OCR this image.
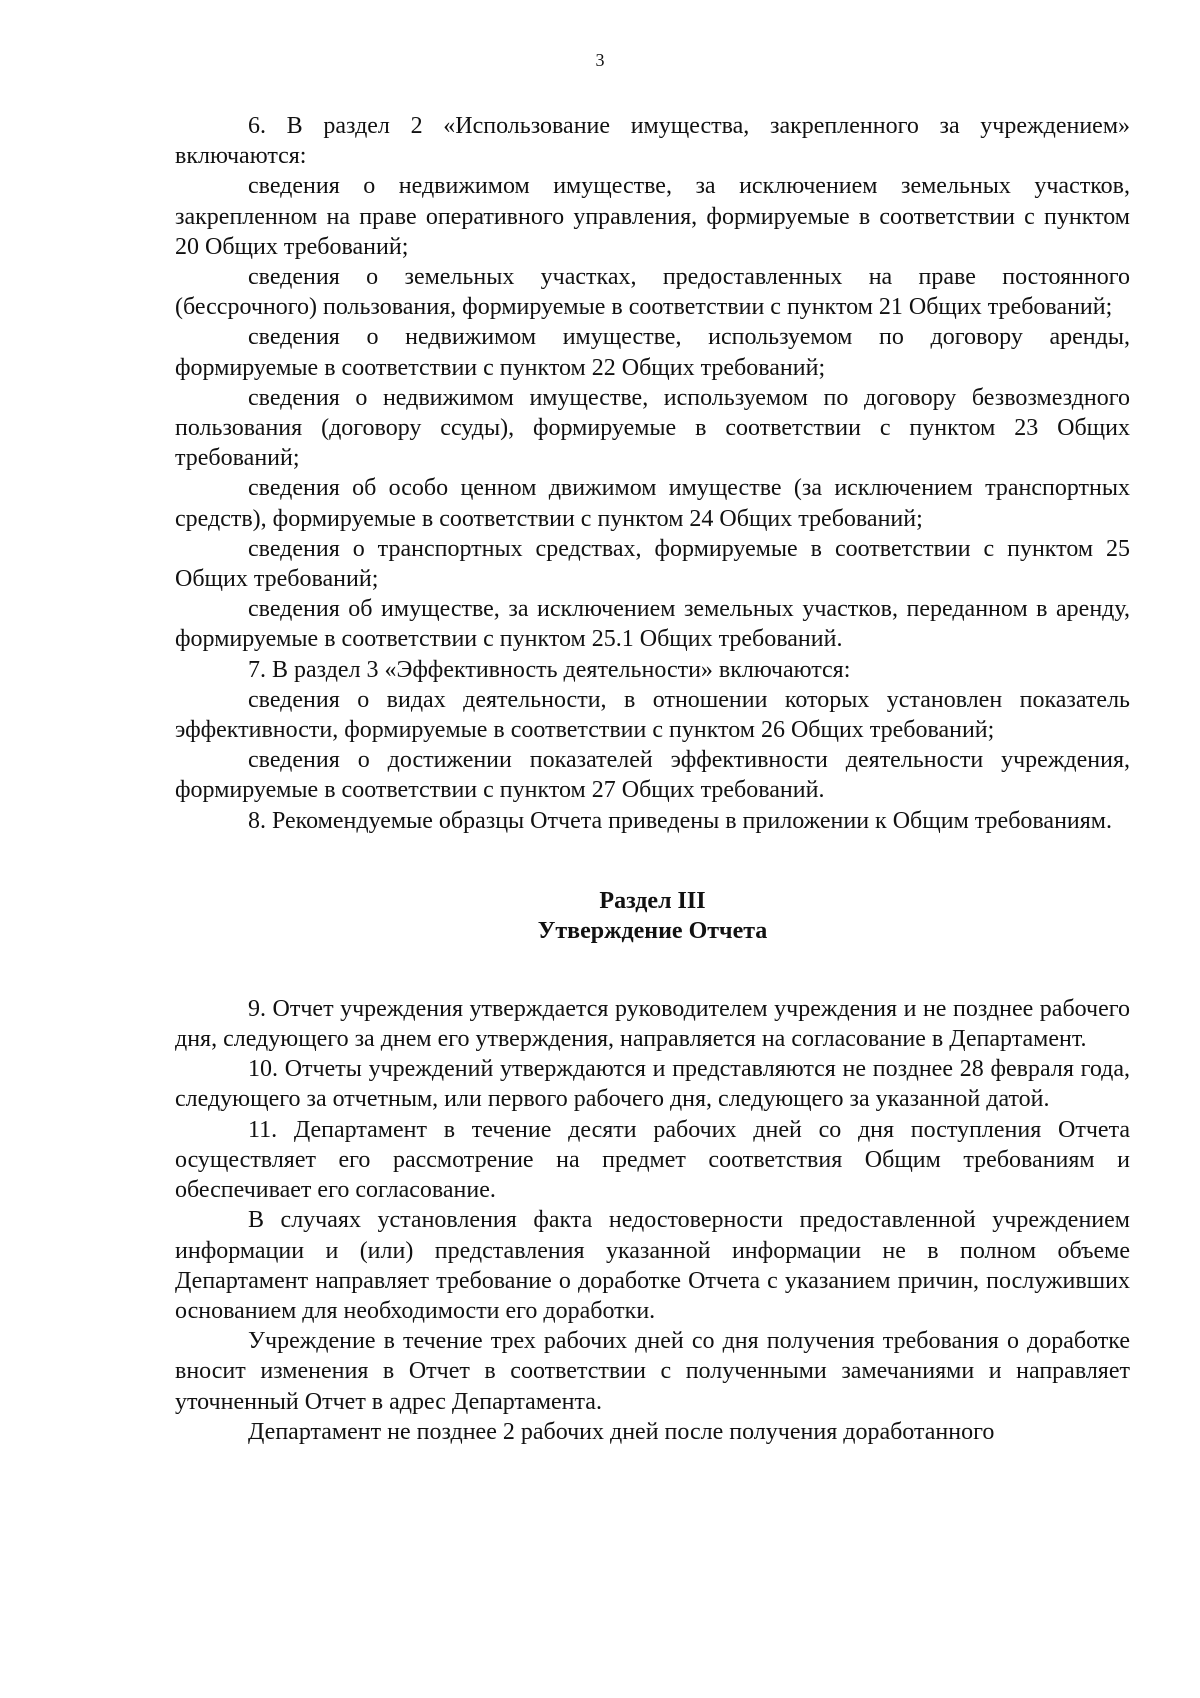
3

6. В раздел 2 «Использование имущества, закрепленного за учреждением» включаются:

сведения о недвижимом имуществе, за исключением земельных участков, закрепленном на праве оперативного управления, формируемые в соответствии с пунктом 20 Общих требований;

сведения о земельных участках, предоставленных на праве постоянного (бессрочного) пользования, формируемые в соответствии с пунктом 21 Общих требований;

сведения о недвижимом имуществе, используемом по договору аренды, формируемые в соответствии с пунктом 22 Общих требований;

сведения о недвижимом имуществе, используемом по договору безвозмездного пользования (договору ссуды), формируемые в соответствии с пунктом 23 Общих требований;

сведения об особо ценном движимом имуществе (за исключением транспортных средств), формируемые в соответствии с пунктом 24 Общих требований;

сведения о транспортных средствах, формируемые в соответствии с пунктом 25 Общих требований;

сведения об имуществе, за исключением земельных участков, переданном в аренду, формируемые в соответствии с пунктом 25.1 Общих требований.

7. В раздел 3 «Эффективность деятельности» включаются:

сведения о видах деятельности, в отношении которых установлен показатель эффективности, формируемые в соответствии с пунктом 26 Общих требований;

сведения о достижении показателей эффективности деятельности учреждения, формируемые в соответствии с пунктом 27 Общих требований.

8. Рекомендуемые образцы Отчета приведены в приложении к Общим требованиям.

Раздел III
Утверждение Отчета

9. Отчет учреждения утверждается руководителем учреждения и не позднее рабочего дня, следующего за днем его утверждения, направляется на согласование в Департамент.

10. Отчеты учреждений утверждаются и представляются не позднее 28 февраля года, следующего за отчетным, или первого рабочего дня, следующего за указанной датой.

11. Департамент в течение десяти рабочих дней со дня поступления Отчета осуществляет его рассмотрение на предмет соответствия Общим требованиям и обеспечивает его согласование.

В случаях установления факта недостоверности предоставленной учреждением информации и (или) представления указанной информации не в полном объеме Департамент направляет требование о доработке Отчета с указанием причин, послуживших основанием для необходимости его доработки.

Учреждение в течение трех рабочих дней со дня получения требования о доработке вносит изменения в Отчет в соответствии с полученными замечаниями и направляет уточненный Отчет в адрес Департамента.

Департамент не позднее 2 рабочих дней после получения доработанного
